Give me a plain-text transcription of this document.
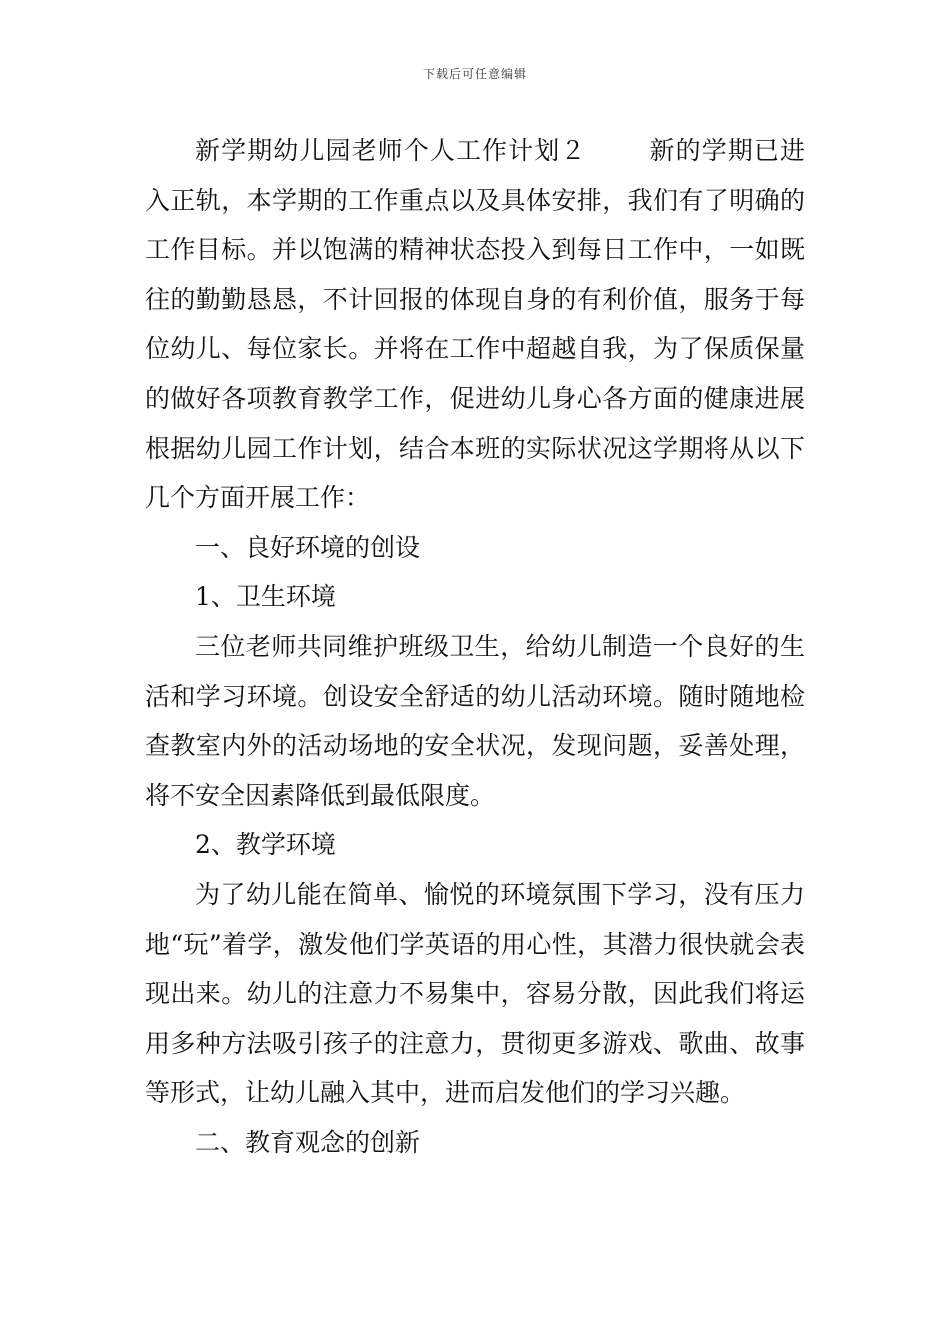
下载后可任意编辑

新学期幼儿园老师个人工作计划２ 新的学期已进入正轨，本学期的工作重点以及具体安排，我们有了明确的工作目标。并以饱满的精神状态投入到每日工作中，一如既往的勤勤恳恳，不计回报的体现自身的有利价值，服务于每位幼儿、每位家长。并将在工作中超越自我，为了保质保量的做好各项教育教学工作，促进幼儿身心各方面的健康进展根据幼儿园工作计划，结合本班的实际状况这学期将从以下几个方面开展工作：

一、良好环境的创设

1、卫生环境

三位老师共同维护班级卫生，给幼儿制造一个良好的生活和学习环境。创设安全舒适的幼儿活动环境。随时随地检查教室内外的活动场地的安全状况，发现问题，妥善处理，将不安全因素降低到最低限度。

2、教学环境

为了幼儿能在简单、愉悦的环境氛围下学习，没有压力地“玩”着学，激发他们学英语的用心性，其潜力很快就会表现出来。幼儿的注意力不易集中，容易分散，因此我们将运用多种方法吸引孩子的注意力，贯彻更多游戏、歌曲、故事等形式，让幼儿融入其中，进而启发他们的学习兴趣。

二、教育观念的创新
